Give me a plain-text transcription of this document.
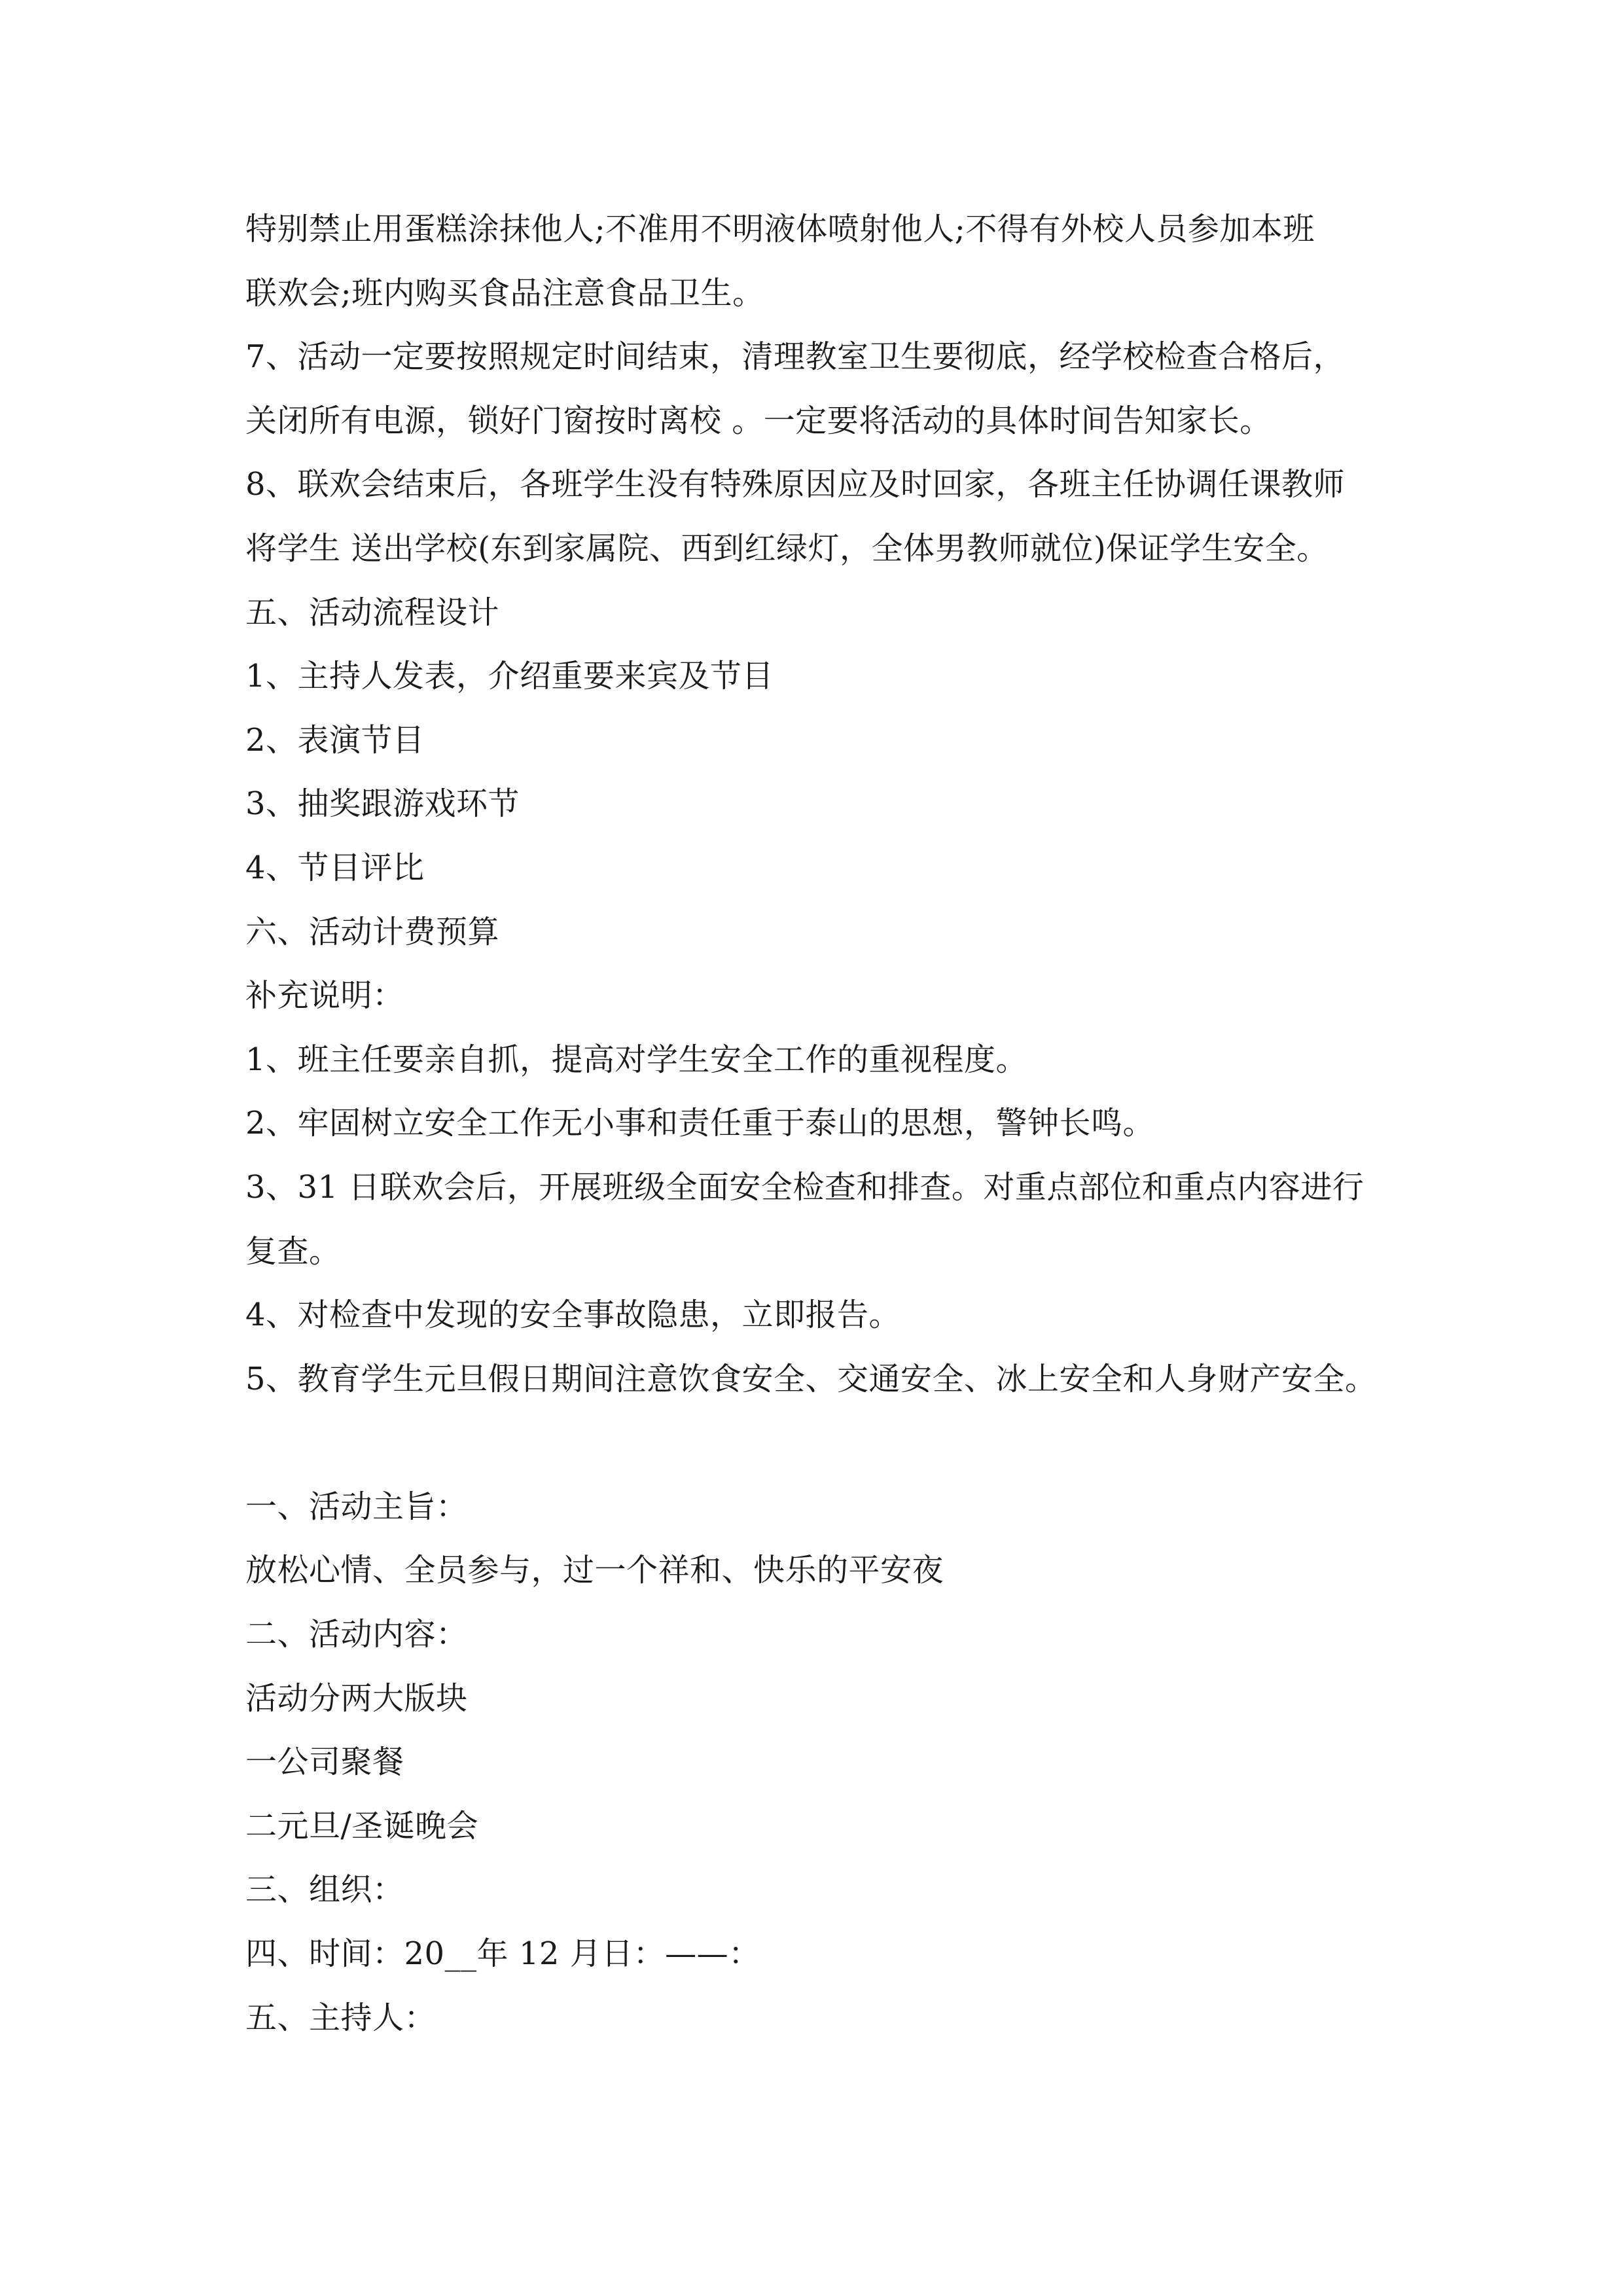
特别禁止用蛋糕涂抹他人;不准用不明液体喷射他人;不得有外校人员参加本班
联欢会;班内购买食品注意食品卫生。
7、活动一定要按照规定时间结束，清理教室卫生要彻底，经学校检查合格后，
关闭所有电源，锁好门窗按时离校 。一定要将活动的具体时间告知家长。
8、联欢会结束后，各班学生没有特殊原因应及时回家，各班主任协调任课教师
将学生 送出学校(东到家属院、西到红绿灯，全体男教师就位)保证学生安全。
五、活动流程设计
1、主持人发表，介绍重要来宾及节目
2、表演节目
3、抽奖跟游戏环节
4、节目评比
六、活动计费预算
补充说明：
1、班主任要亲自抓，提高对学生安全工作的重视程度。
2、牢固树立安全工作无小事和责任重于泰山的思想，警钟长鸣。
3、31 日联欢会后，开展班级全面安全检查和排查。对重点部位和重点内容进行
复查。
4、对检查中发现的安全事故隐患，立即报告。
5、教育学生元旦假日期间注意饮食安全、交通安全、冰上安全和人身财产安全。
一、活动主旨：
放松心情、全员参与，过一个祥和、快乐的平安夜
二、活动内容：
活动分两大版块
一公司聚餐
二元旦/圣诞晚会
三、组织：
四、时间：20__年 12 月日：——：
五、主持人：
